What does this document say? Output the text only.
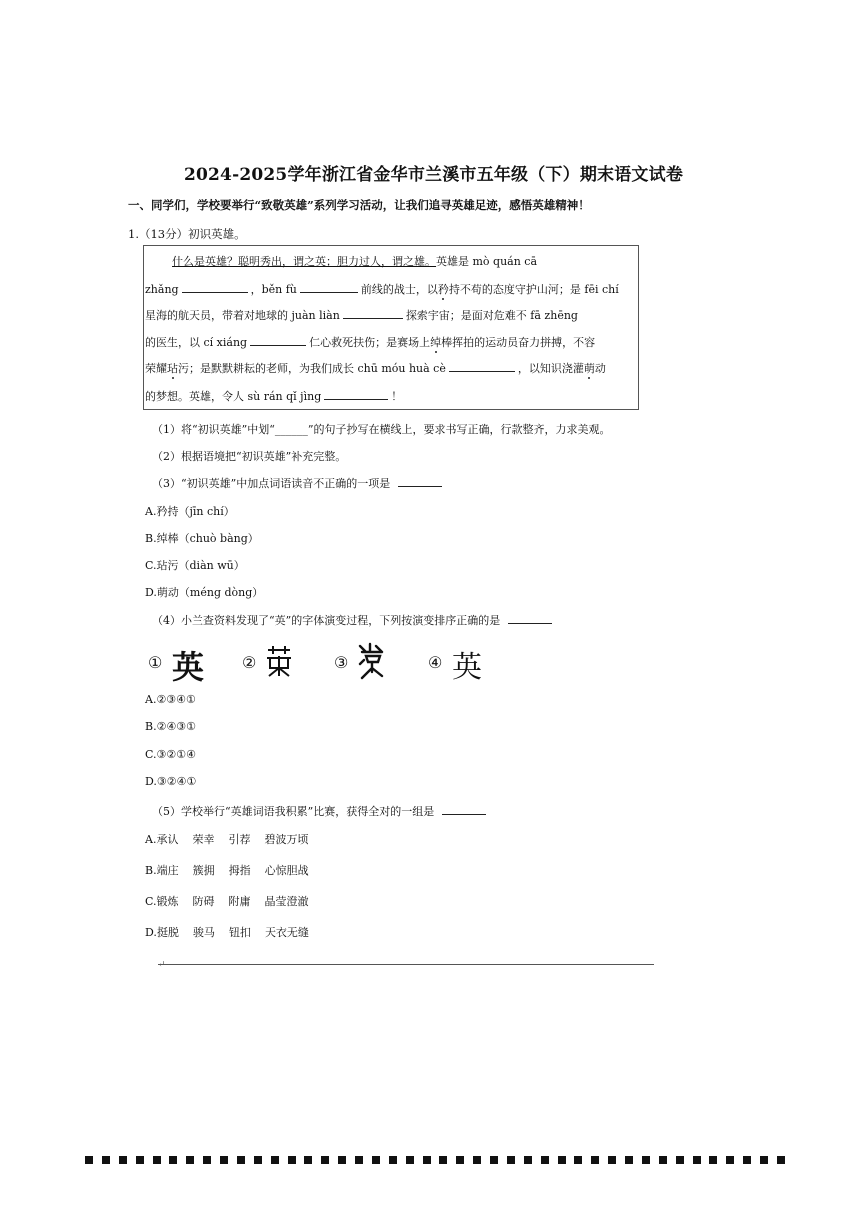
2024-2025学年浙江省金华市兰溪市五年级（下）期末语文试卷
一、同学们，学校要举行“致敬英雄”系列学习活动，让我们追寻英雄足迹，感悟英雄精神！
1.（13分）初识英雄。
什么是英雄？聪明秀出，谓之英；胆力过人，谓之雄。英雄是 mò quán cā
zhǎng	，běn fù	前线的战士，以矜持不苟的态度守护山河；是 fēi chí
星海的航天员，带着对地球的 juàn liàn	探索宇宙；是面对危难不 fā zhēng
的医生，以 cí xiáng	仁心救死扶伤；是赛场上绰棒挥拍的运动员奋力拼搏，不容
荣耀玷污；是默默耕耘的老师，为我们成长 chū móu huà cè	，以知识浇灌萌动
的梦想。英雄，令人 sù rán qǐ jìng	！
（1）将“初识英雄”中划“______”的句子抄写在横线上，要求书写正确，行款整齐，力求美观。
（2）根据语境把“初识英雄”补充完整。
（3）“初识英雄”中加点词语读音不正确的一项是
A.矜持（jīn chí）
B.绰棒（chuò bàng）
C.玷污（diàn wū）
D.萌动（méng dòng）
（4）小兰查资料发现了“英”的字体演变过程，下列按演变排序正确的是
① 英 ②	③	④ 英
A.②③④①
B.②④③①
C.③②①④
D.③②④①
（5）学校举行“英雄词语我积累”比赛，获得全对的一组是
A.承认 荣幸 引荐 碧波万顷
B.端庄 簇拥 拇指 心惊胆战
C.锻炼 防碍 附庸 晶莹澄澈
D.挺脱 骏马 钮扣 天衣无缝
↵
